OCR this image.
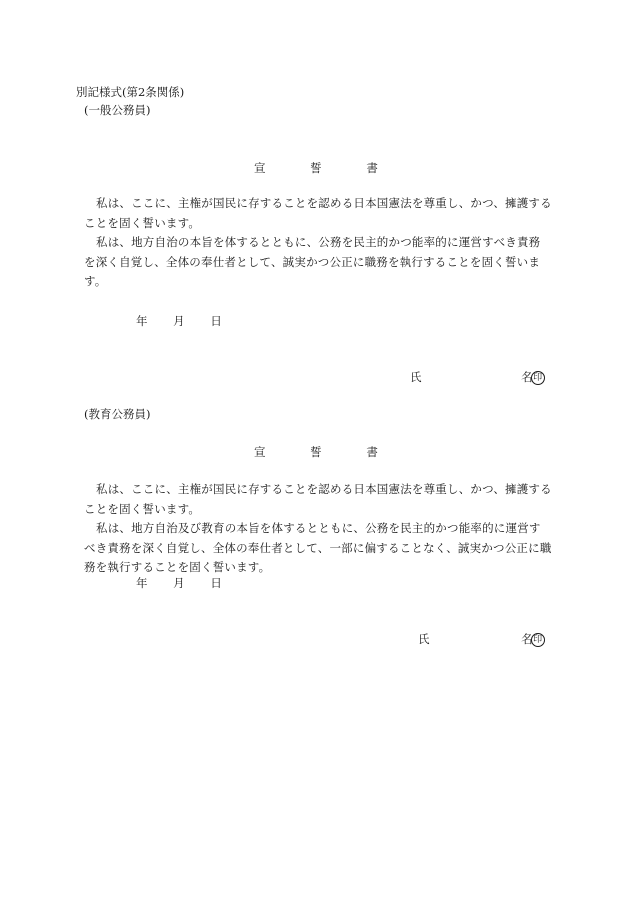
別記様式(第2条関係)
(一般公務員)
宣	誓	書

私は、ここに、主権が国民に存することを認める日本国憲法を尊重し、かつ、擁護することを固く誓います。

私は、地方自治の本旨を体するとともに、公務を民主的かつ能率的に運営すべき責務を深く自覚し、全体の奉仕者として、誠実かつ公正に職務を執行することを固く誓います。

年 月 日
氏	名印
(教育公務員)
宣	誓	書

私は、ここに、主権が国民に存することを認める日本国憲法を尊重し、かつ、擁護することを固く誓います。

私は、地方自治及び教育の本旨を体するとともに、公務を民主的かつ能率的に運営すべき責務を深く自覚し、全体の奉仕者として、一部に偏することなく、誠実かつ公正に職務を執行することを固く誓います。

年 月 日
氏	名印
